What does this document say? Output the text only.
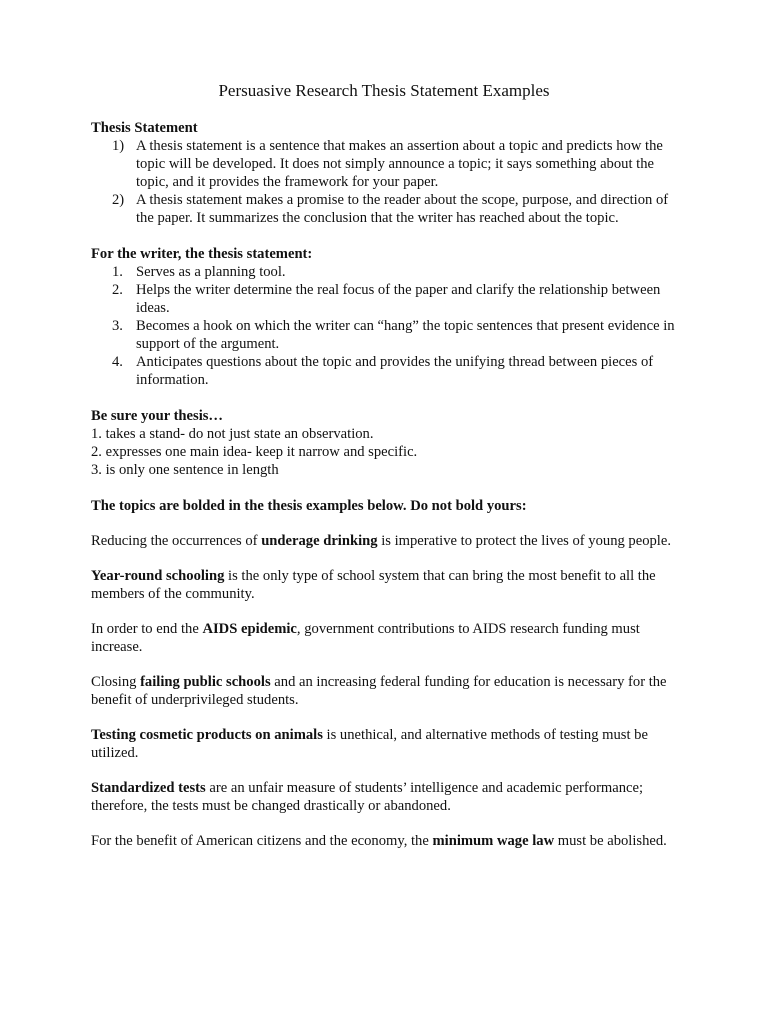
Persuasive Research Thesis Statement Examples

Thesis Statement

1) A thesis statement is a sentence that makes an assertion about a topic and predicts how the topic will be developed. It does not simply announce a topic; it says something about the topic, and it provides the framework for your paper.
2) A thesis statement makes a promise to the reader about the scope, purpose, and direction of the paper. It summarizes the conclusion that the writer has reached about the topic.

For the writer, the thesis statement:

1. Serves as a planning tool.
2. Helps the writer determine the real focus of the paper and clarify the relationship between ideas.
3. Becomes a hook on which the writer can “hang” the topic sentences that present evidence in support of the argument.
4. Anticipates questions about the topic and provides the unifying thread between pieces of information.

Be sure your thesis…

1. takes a stand- do not just state an observation.

2. expresses one main idea- keep it narrow and specific.

3. is only one sentence in length

The topics are bolded in the thesis examples below. Do not bold yours:

Reducing the occurrences of underage drinking is imperative to protect the lives of young people.

Year-round schooling is the only type of school system that can bring the most benefit to all the members of the community.

In order to end the AIDS epidemic, government contributions to AIDS research funding must increase.

Closing failing public schools and an increasing federal funding for education is necessary for the benefit of underprivileged students.

Testing cosmetic products on animals is unethical, and alternative methods of testing must be utilized.

Standardized tests are an unfair measure of students’ intelligence and academic performance; therefore, the tests must be changed drastically or abandoned.

For the benefit of American citizens and the economy, the minimum wage law must be abolished.
